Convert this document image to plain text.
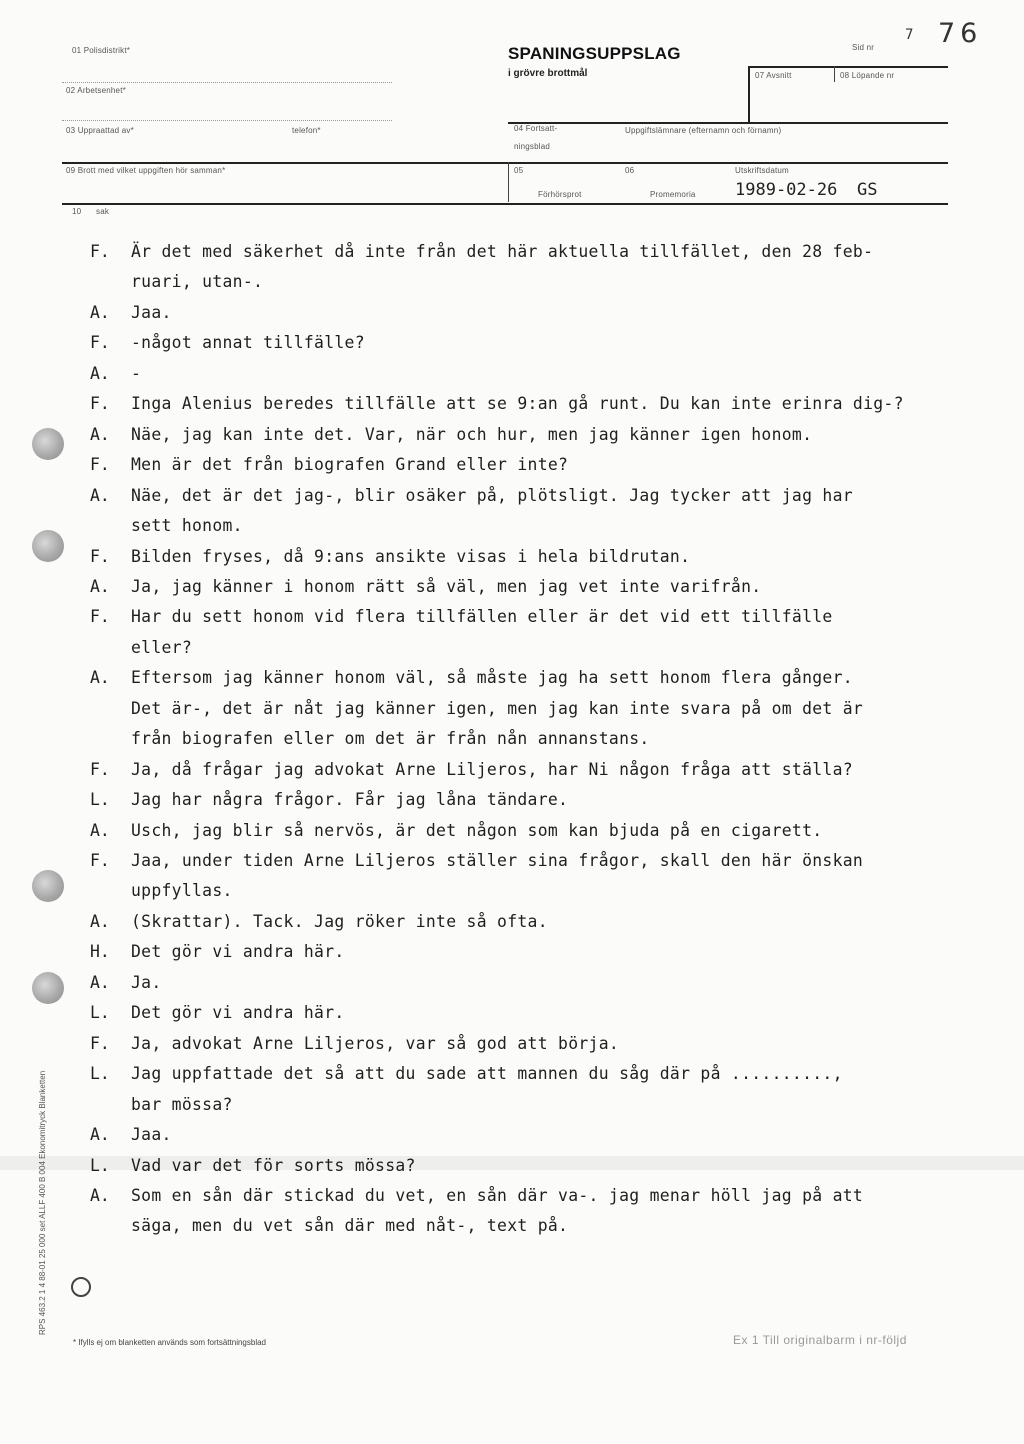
01 Polisdistrikt*
02 Arbetsenhet*
03 Uppraattad av*	telefon*
SPANINGSUPPSLAG
i grövre brottmål
Sid nr
7 76
07 Avsnitt	08 Löpande nr
04 Fortsatt-
ningsblad
Uppgiftslämnare (efternamn och förnamn)
09 Brott med vilket uppgiften hör samman*	05	06	Utskriftsdatum
Förhörsprot	Promemoria 1989-02-26 GS
10 sak
F. Är det med säkerhet då inte från det här aktuella tillfället, den 28 feb-
ruari, utan-.
A. Jaa.
F. -något annat tillfälle?
A. -
F. Inga Alenius beredes tillfälle att se 9:an gå runt. Du kan inte erinra dig-?
A. Näe, jag kan inte det. Var, när och hur, men jag känner igen honom.
F. Men är det från biografen Grand eller inte?
A. Näe, det är det jag-, blir osäker på, plötsligt. Jag tycker att jag har
sett honom.
F. Bilden fryses, då 9:ans ansikte visas i hela bildrutan.
A. Ja, jag känner i honom rätt så väl, men jag vet inte varifrån.
F. Har du sett honom vid flera tillfällen eller är det vid ett tillfälle
eller?
A. Eftersom jag känner honom väl, så måste jag ha sett honom flera gånger.
Det är-, det är nåt jag känner igen, men jag kan inte svara på om det är
från biografen eller om det är från nån annanstans.
F. Ja, då frågar jag advokat Arne Liljeros, har Ni någon fråga att ställa?
L. Jag har några frågor. Får jag låna tändare.
A. Usch, jag blir så nervös, är det någon som kan bjuda på en cigarett.
F. Jaa, under tiden Arne Liljeros ställer sina frågor, skall den här önskan
uppfyllas.
A. (Skrattar). Tack. Jag röker inte så ofta.
H. Det gör vi andra här.
A. Ja.
L. Det gör vi andra här.
F. Ja, advokat Arne Liljeros, var så god att börja.
L. Jag uppfattade det så att du sade att mannen du såg där på ..........,
bar mössa?
A. Jaa.
L. Vad var det för sorts mössa?
A. Som en sån där stickad du vet, en sån där va-. jag menar höll jag på att
säga, men du vet sån där med nåt-, text på.
RPS 463.2 1 4 88-01 25 000 set ALLF 400 B 004 Ekonomitryck Blanketten
* Ifylls ej om blanketten används som fortsättningsblad	Ex 1 Till originalbarm i nr-följd
